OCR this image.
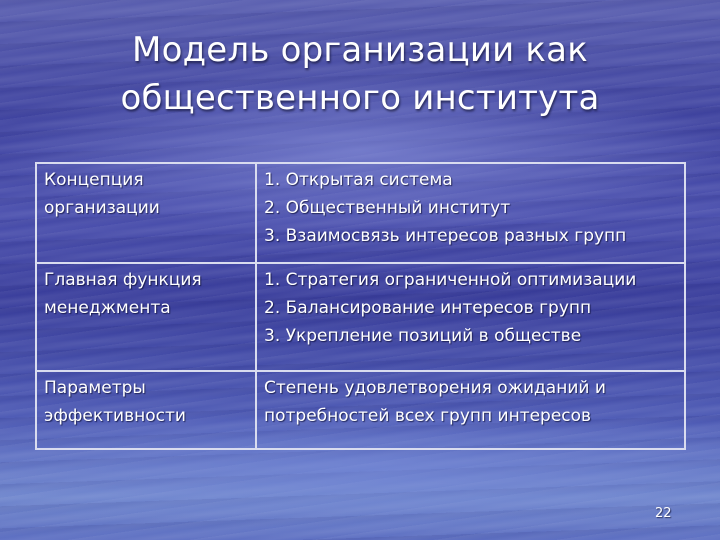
Модель организации как
общественного института
Концепция
организации	1. Открытая система
2. Общественный институт
3. Взаимосвязь интересов разных групп

Главная функция
менеджмента	1. Стратегия ограниченной оптимизации
2. Балансирование интересов групп
3. Укрепление позиций в обществе

Параметры
эффективности	Степень удовлетворения ожиданий и
потребностей всех групп интересов
22
